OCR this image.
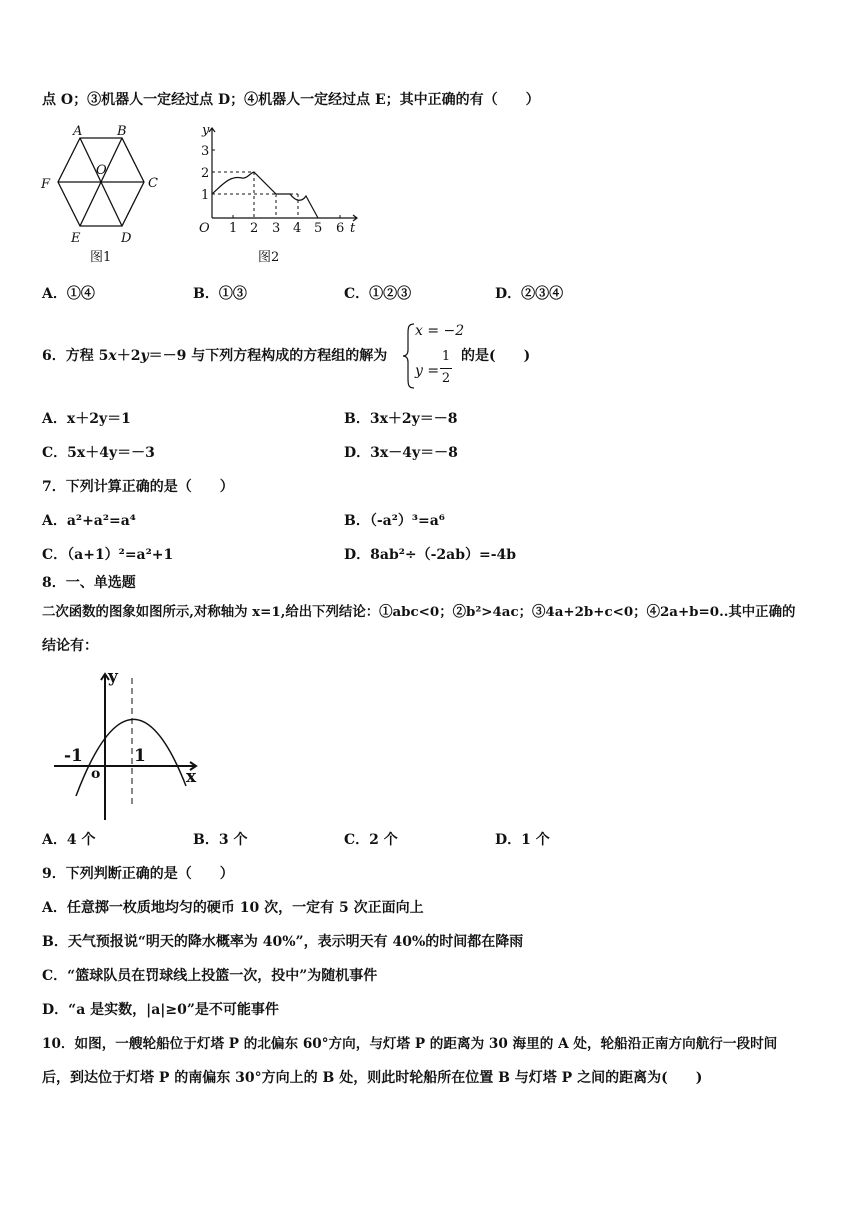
点 O；③机器人一定经过点 D；④机器人一定经过点 E；其中正确的有（　　）
A	B
C
D
E
F
O
图1
y
t
O
1
2
3
1 2 3 4 5 6
图2
A．①④	B．①③	C．①②③	D．②③④
6．方程 5x＋2y＝－9 与下列方程构成的方程组的解为
x = −2
y =
1
2
的是(　　)
A．x＋2y＝1	B．3x＋2y＝－8
C．5x＋4y＝－3	D．3x－4y＝－8
7．下列计算正确的是（　　）
A．a²+a²=a⁴	B．（-a²）³=a⁶
C．（a+1）²=a²+1	D．8ab²÷（-2ab）=-4b
8．一、单选题
二次函数的图象如图所示,对称轴为 x=1,给出下列结论：①abc<0；②b²>4ac；③4a+2b+c<0；④2a+b=0..其中正确的
结论有：
y
x
-1	1
o
A．4 个	B．3 个	C．2 个	D．1 个
9．下列判断正确的是（　　）
A．任意掷一枚质地均匀的硬币 10 次，一定有 5 次正面向上
B．天气预报说“明天的降水概率为 40%”，表示明天有 40%的时间都在降雨
C．“篮球队员在罚球线上投篮一次，投中”为随机事件
D．“a 是实数，|a|≥0”是不可能事件
10．如图，一艘轮船位于灯塔 P 的北偏东 60°方向，与灯塔 P 的距离为 30 海里的 A 处，轮船沿正南方向航行一段时间
后，到达位于灯塔 P 的南偏东 30°方向上的 B 处，则此时轮船所在位置 B 与灯塔 P 之间的距离为(　　)
